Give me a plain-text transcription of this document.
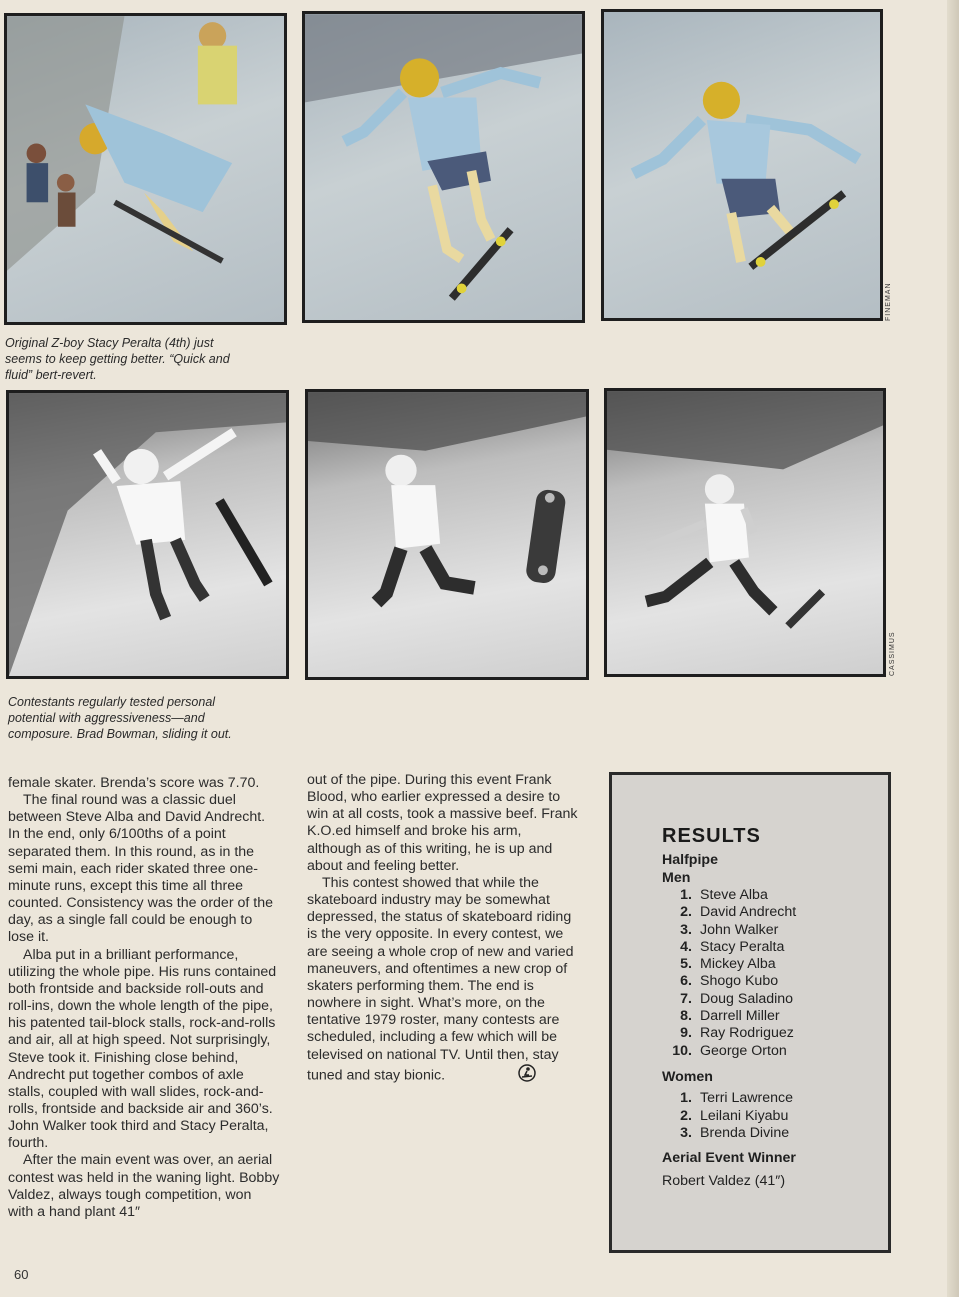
FINEMAN
Original Z-boy Stacy Peralta (4th) just
seems to keep getting better. “Quick and
fluid” bert-revert.
CASSIMUS
Contestants regularly tested personal
potential with aggressiveness—and
composure. Brad Bowman, sliding it out.

female skater. Brenda’s score was 7.70.

The final round was a classic duel between Steve Alba and David Andrecht. In the end, only 6/100ths of a point separated them. In this round, as in the semi main, each rider skated three one-minute runs, except this time all three counted. Consistency was the order of the day, as a single fall could be enough to lose it.

Alba put in a brilliant performance, utilizing the whole pipe. His runs contained both frontside and backside roll-outs and roll-ins, down the whole length of the pipe, his patented tail-block stalls, rock-and-rolls and air, all at high speed. Not surprisingly, Steve took it. Finishing close behind, Andrecht put together combos of axle stalls, coupled with wall slides, rock-and-rolls, frontside and backside air and 360’s. John Walker took third and Stacy Peralta, fourth.

After the main event was over, an aerial contest was held in the waning light. Bobby Valdez, always tough competition, won with a hand plant 41″

out of the pipe. During this event Frank Blood, who earlier expressed a desire to win at all costs, took a massive beef. Frank K.O.ed himself and broke his arm, although as of this writing, he is up and about and feeling better.

This contest showed that while the skateboard industry may be somewhat depressed, the status of skateboard riding is the very opposite. In every contest, we are seeing a whole crop of new and varied maneuvers, and oftentimes a new crop of skaters performing them. The end is nowhere in sight. What’s more, on the tentative 1979 roster, many contests are scheduled, including a few which will be televised on national TV. Until then, stay tuned and stay bionic.

RESULTS
Halfpipe
Men
1. Steve Alba
2. David Andrecht
3. John Walker
4. Stacy Peralta
5. Mickey Alba
6. Shogo Kubo
7. Doug Saladino
8. Darrell Miller
9. Ray Rodriguez
10. George Orton
Women
1. Terri Lawrence
2. Leilani Kiyabu
3. Brenda Divine
Aerial Event Winner
Robert Valdez (41″)
60
